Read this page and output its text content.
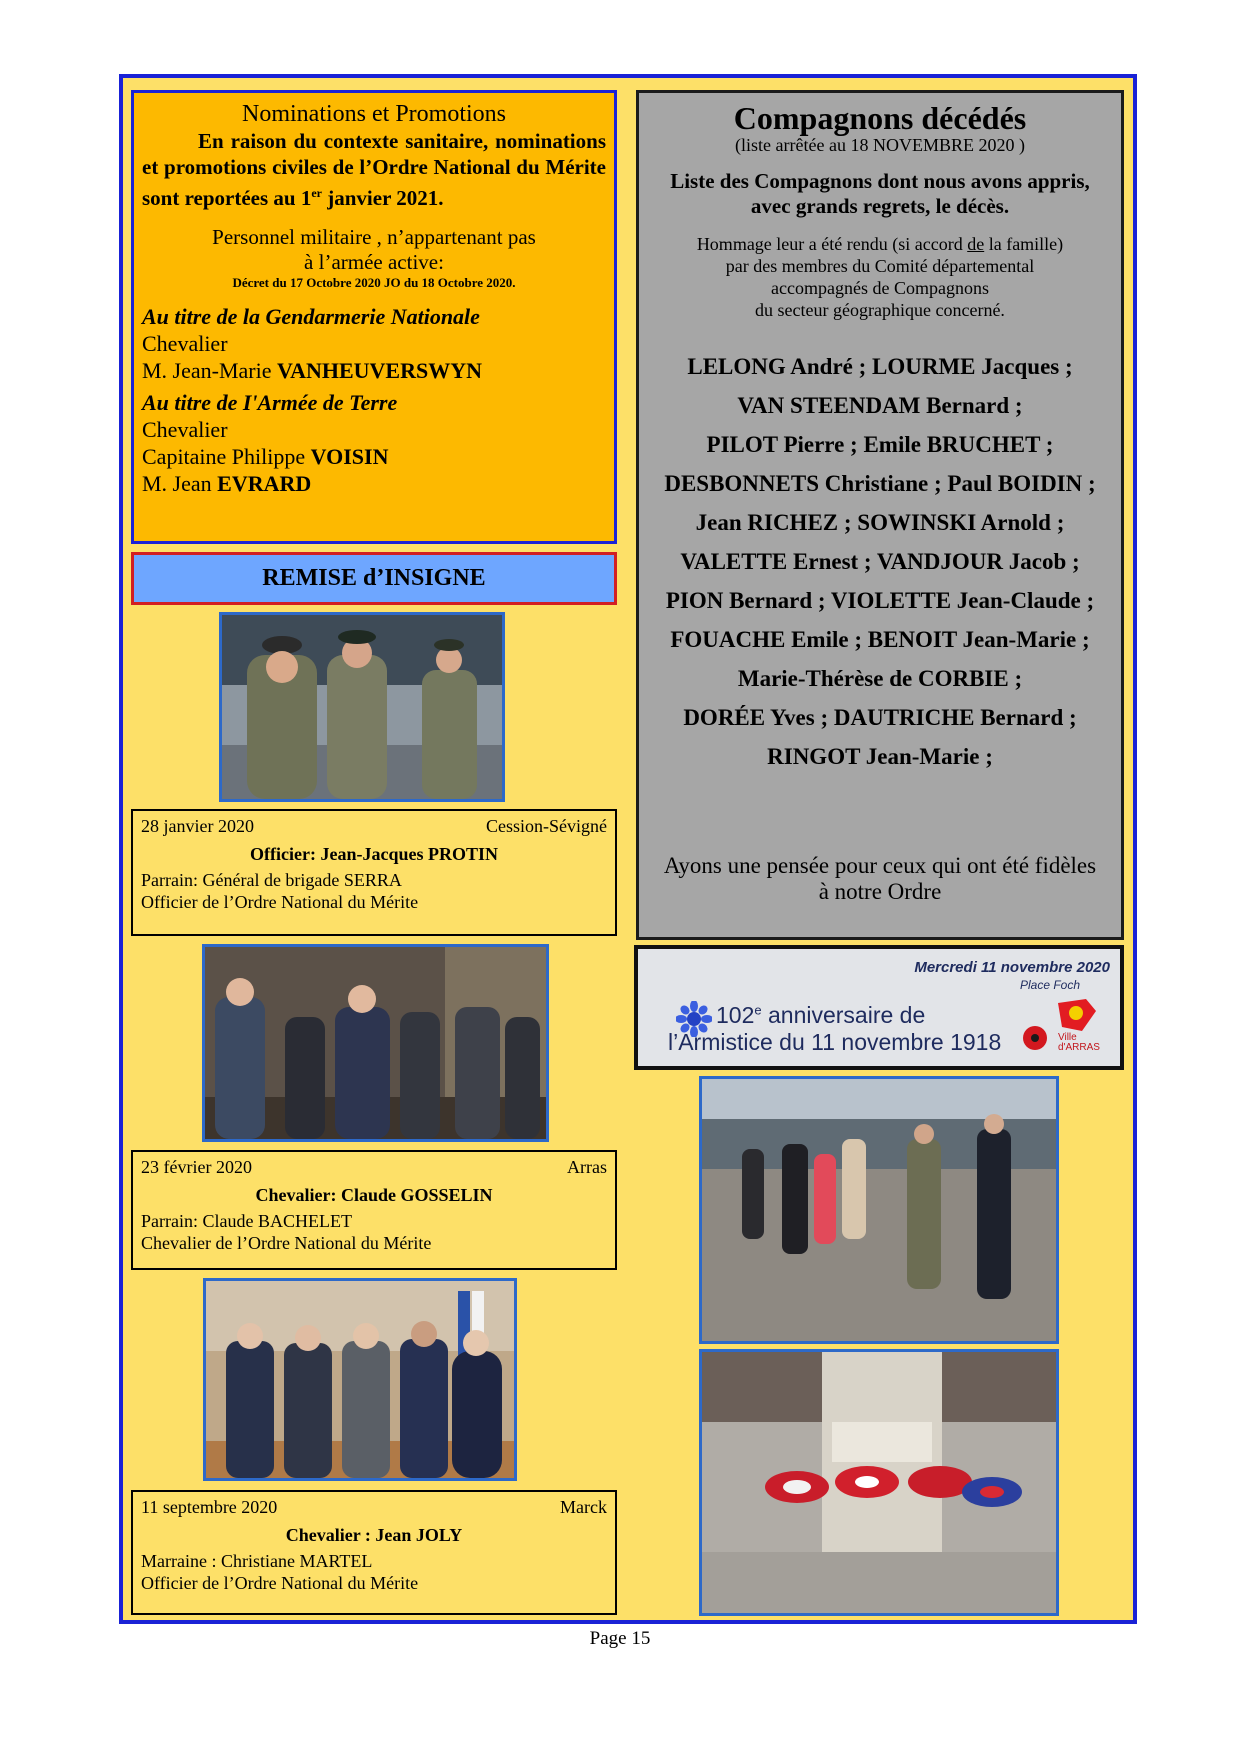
Nominations et Promotions
En raison du contexte sanitaire, nominations et promotions civiles de l’Ordre National du Mérite sont reportées au 1er janvier 2021.
Personnel militaire , n’appartenant pas
à l’armée active:
Décret du 17 Octobre 2020 JO du 18 Octobre 2020.
Au titre de la Gendarmerie Nationale
Chevalier
M. Jean-Marie VANHEUVERSWYN
Au titre de I'Armée de Terre
Chevalier
Capitaine Philippe VOISIN
M. Jean EVRARD
REMISE d’INSIGNE
28 janvier 2020	Cession-Sévigné
Officier: Jean-Jacques PROTIN
Parrain: Général de brigade SERRA
Officier de l’Ordre National du Mérite
23 février 2020	Arras
Chevalier: Claude GOSSELIN
Parrain: Claude BACHELET
Chevalier de l’Ordre National du Mérite
11 septembre 2020	Marck
Chevalier : Jean JOLY
Marraine : Christiane MARTEL
Officier de l’Ordre National du Mérite
Compagnons décédés
(liste arrêtée au 18 NOVEMBRE 2020 )
Liste des Compagnons dont nous avons appris,
avec grands regrets, le décès.
Hommage leur a été rendu (si accord de la famille)
par des membres du Comité départemental
accompagnés de Compagnons
du secteur géographique concerné.
LELONG André ; LOURME Jacques ;
VAN STEENDAM Bernard ;
PILOT Pierre ; Emile BRUCHET ;
DESBONNETS Christiane ; Paul BOIDIN ;
Jean RICHEZ ; SOWINSKI Arnold ;
VALETTE Ernest ; VANDJOUR Jacob ;
PION Bernard ; VIOLETTE Jean-Claude ;
FOUACHE Emile ; BENOIT Jean-Marie ;
Marie-Thérèse de CORBIE ;
DORÉE Yves ; DAUTRICHE Bernard ;
RINGOT Jean-Marie ;
Ayons une pensée pour ceux qui ont été fidèles
à notre Ordre
Mercredi 11 novembre 2020
Place Foch
102e anniversaire de
l’Armistice du 11 novembre 1918	Ville
d'ARRAS
Page 15
